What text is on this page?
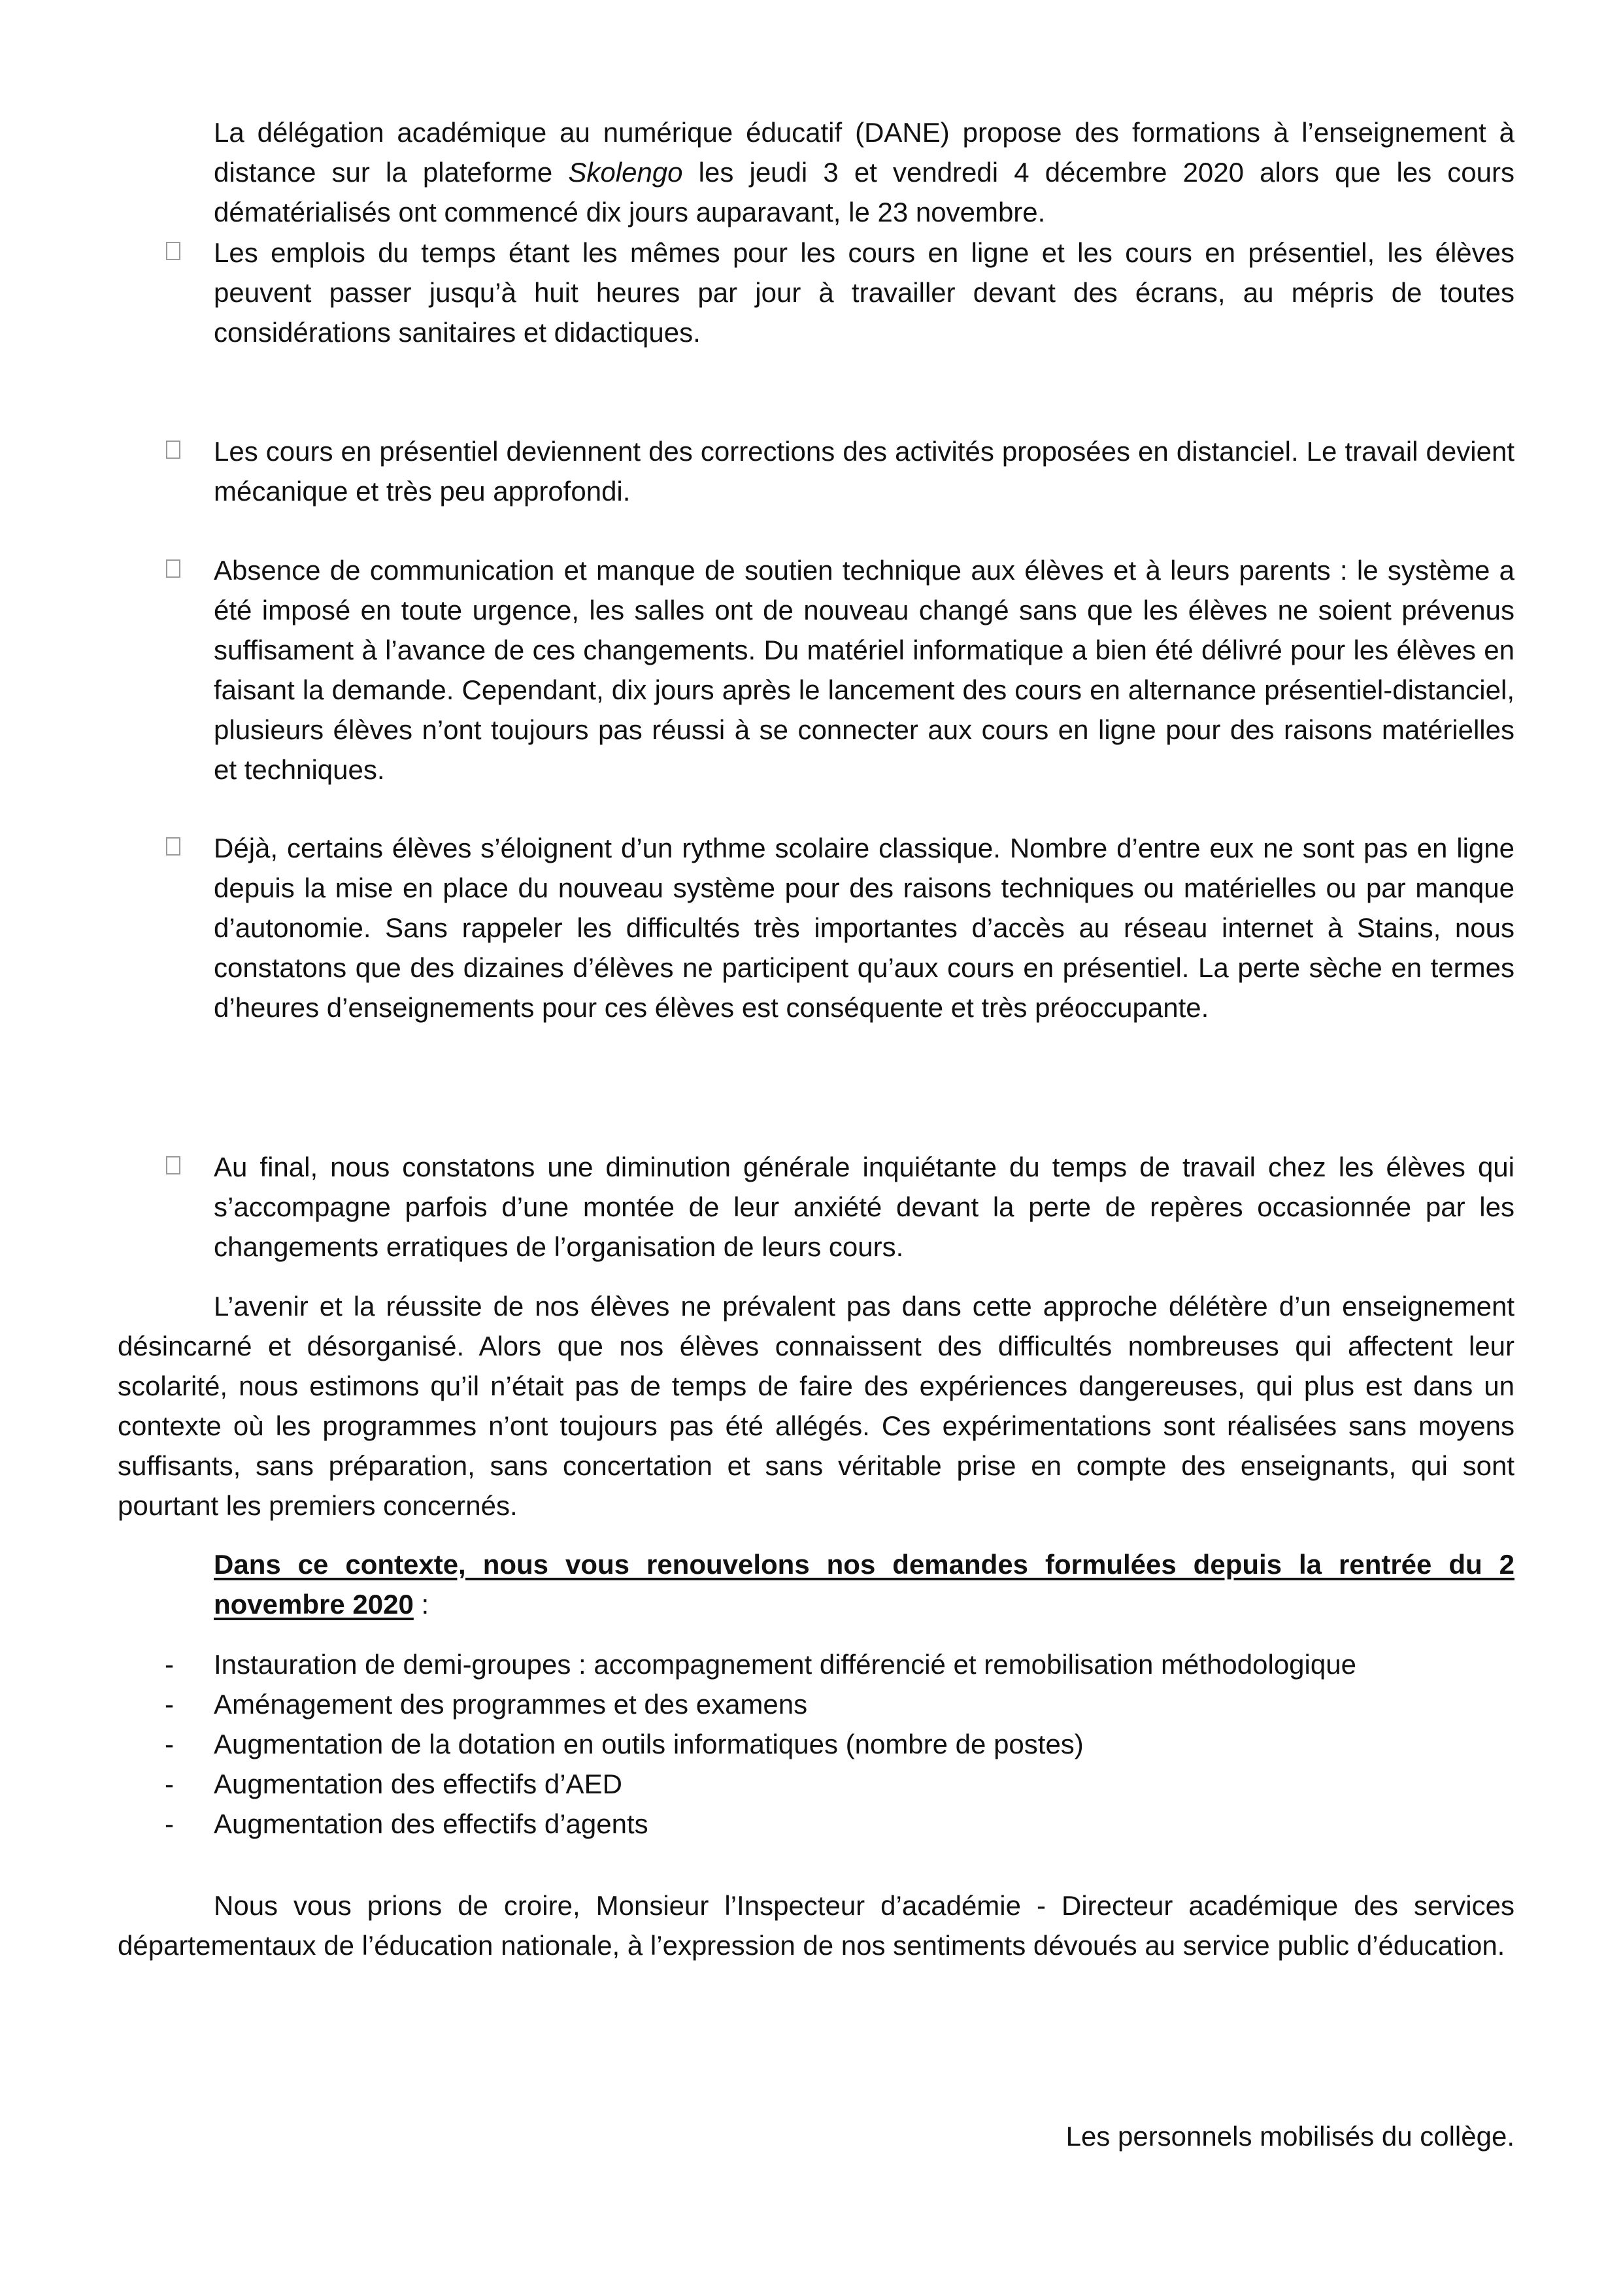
La délégation académique au numérique éducatif (DANE) propose des formations à l’enseignement à distance sur la plateforme Skolengo les jeudi 3 et vendredi 4 décembre 2020 alors que les cours dématérialisés ont commencé dix jours auparavant, le 23 novembre.

Les emplois du temps étant les mêmes pour les cours en ligne et les cours en présentiel, les élèves peuvent passer jusqu’à huit heures par jour à travailler devant des écrans, au mépris de toutes considérations sanitaires et didactiques.

Les cours en présentiel deviennent des corrections des activités proposées en distanciel. Le travail devient mécanique et très peu approfondi.

Absence de communication et manque de soutien technique aux élèves et à leurs parents : le système a été imposé en toute urgence, les salles ont de nouveau changé sans que les élèves ne soient prévenus suffisament à l’avance de ces changements. Du matériel informatique a bien été délivré pour les élèves en faisant la demande. Cependant, dix jours après le lancement des cours en alternance présentiel-distanciel, plusieurs élèves n’ont toujours pas réussi à se connecter aux cours en ligne pour des raisons matérielles et techniques.

Déjà, certains élèves s’éloignent d’un rythme scolaire classique. Nombre d’entre eux ne sont pas en ligne depuis la mise en place du nouveau système pour des raisons techniques ou matérielles ou par manque d’autonomie. Sans rappeler les difficultés très importantes d’accès au réseau internet à Stains, nous constatons que des dizaines d’élèves ne participent qu’aux cours en présentiel. La perte sèche en termes d’heures d’enseignements pour ces élèves est conséquente et très préoccupante.

Au final, nous constatons une diminution générale inquiétante du temps de travail chez les élèves qui s’accompagne parfois d’une montée de leur anxiété devant la perte de repères occasionnée par les changements erratiques de l’organisation de leurs cours.

L’avenir et la réussite de nos élèves ne prévalent pas dans cette approche délétère d’un enseignement désincarné et désorganisé. Alors que nos élèves connaissent des difficultés nombreuses qui affectent leur scolarité, nous estimons qu’il n’était pas de temps de faire des expériences dangereuses, qui plus est dans un contexte où les programmes n’ont toujours pas été allégés. Ces expérimentations sont réalisées sans moyens suffisants, sans préparation, sans concertation et sans véritable prise en compte des enseignants, qui sont pourtant les premiers concernés.

Dans ce contexte, nous vous renouvelons nos demandes formulées depuis la rentrée du 2 novembre 2020 :

- Instauration de demi-groupes : accompagnement différencié et remobilisation méthodologique
- Aménagement des programmes et des examens
- Augmentation de la dotation en outils informatiques (nombre de postes)
- Augmentation des effectifs d’AED
- Augmentation des effectifs d’agents

Nous vous prions de croire, Monsieur l’Inspecteur d’académie - Directeur académique des services départementaux de l’éducation nationale, à l’expression de nos sentiments dévoués au service public d’éducation.

Les personnels mobilisés du collège.
